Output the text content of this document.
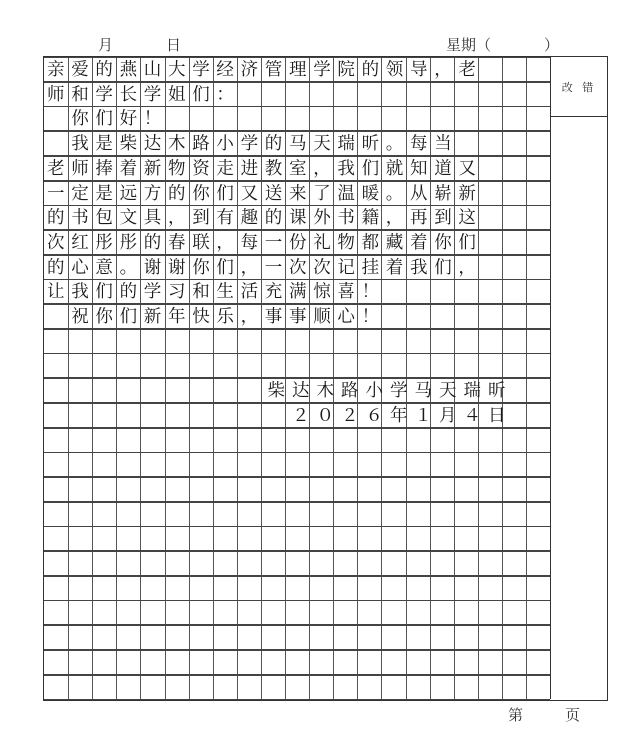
月	日	星期（	）
亲爱的燕山大学经济管理学院的领导，老
师和学长学姐们：
　你们好！
　我是柴达木路小学的马天瑞昕。每当
老师捧着新物资走进教室，我们就知道又
一定是远方的你们又送来了温暖。从崭新
的书包文具，到有趣的课外书籍，再到这
次红彤彤的春联，每一份礼物都藏着你们
的心意。谢谢你们，一次次记挂着我们，
让我们的学习和生活充满惊喜！
　祝你们新年快乐，事事顺心！
　　　　　　　　　柴达木路小学马天瑞昕
　　　　　　　　　　２０２６年１月４日
改 错
第	页
